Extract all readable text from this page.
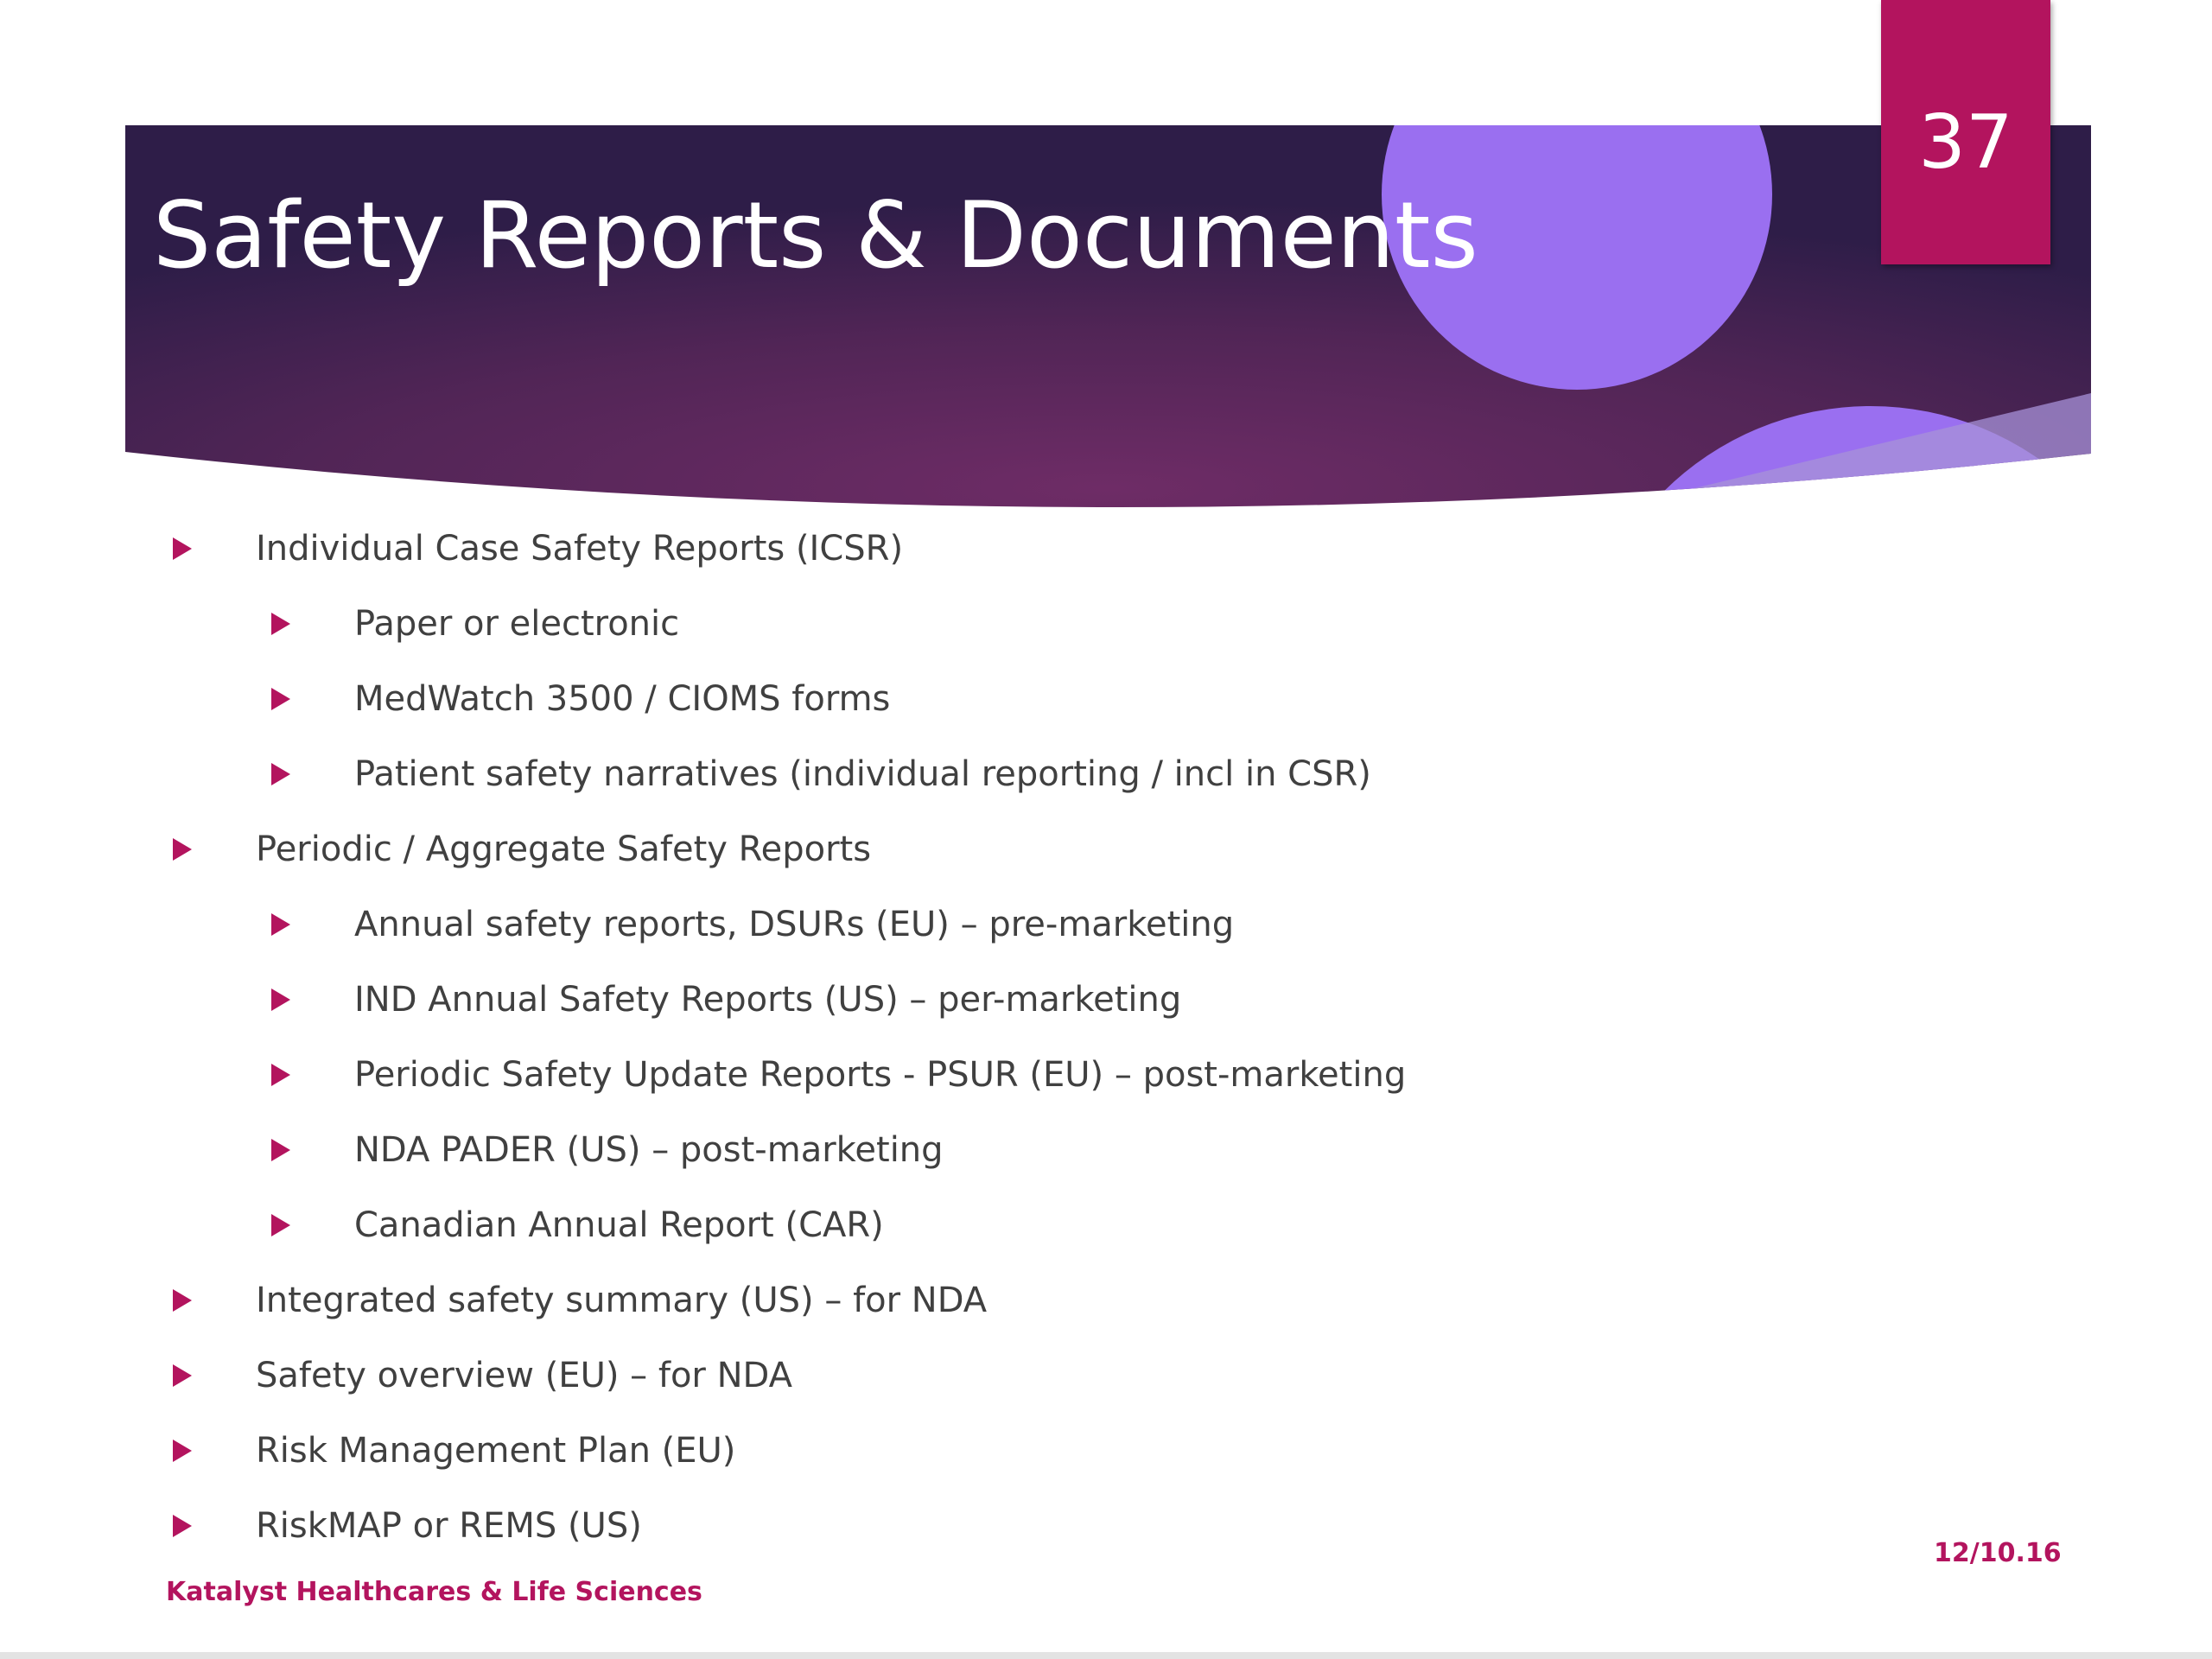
Safety Reports & Documents
37
Individual Case Safety Reports (ICSR)
Paper or electronic
MedWatch 3500 / CIOMS forms
Patient safety narratives (individual reporting / incl in CSR)
Periodic / Aggregate Safety Reports
Annual safety reports, DSURs (EU) – pre-marketing
IND Annual Safety Reports (US) – per-marketing
Periodic Safety Update Reports - PSUR (EU) – post-marketing
NDA PADER (US) – post-marketing
Canadian Annual Report (CAR)
Integrated safety summary (US) – for NDA
Safety overview (EU) – for NDA
Risk Management Plan (EU)
RiskMAP or REMS (US)
12/10.16
Katalyst Healthcares & Life Sciences
